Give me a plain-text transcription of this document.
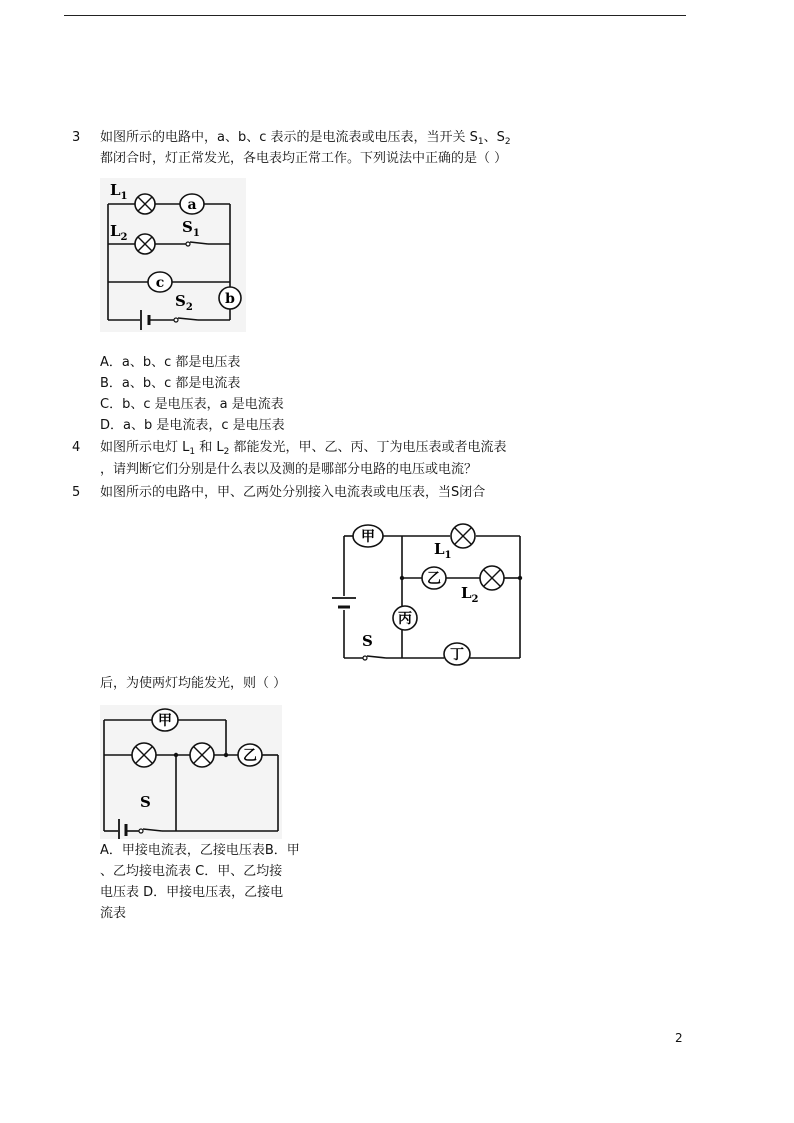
3 如图所示的电路中，a、b、c 表示的是电流表或电压表，当开关 $S_1$、$S_2$
都闭合时，灯正常发光，各电表均正常工作。下列说法中正确的是（ ）
a
c
b
$L_1$
$L_2$
$S_1$
$S_2$
A．a、b、c 都是电压表
B．a、b、c 都是电流表
C．b、c 是电压表，a 是电流表
D．a、b 是电流表，c 是电压表
4 如图所示电灯 $L_1$ 和 $L_2$ 都能发光，甲、乙、丙、丁为电压表或者电流表
，请判断它们分别是什么表以及测的是哪部分电路的电压或电流？
5 如图所示的电路中，甲、乙两处分别接入电流表或电压表，当S闭合
甲
乙
丙
丁
$L_1$
$L_2$
S
后，为使两灯均能发光，则（ ）
甲
乙
S
A．甲接电流表，乙接电压表B．甲
、乙均接电流表 C．甲、乙均接
电压表 D．甲接电压表，乙接电
流表
2
